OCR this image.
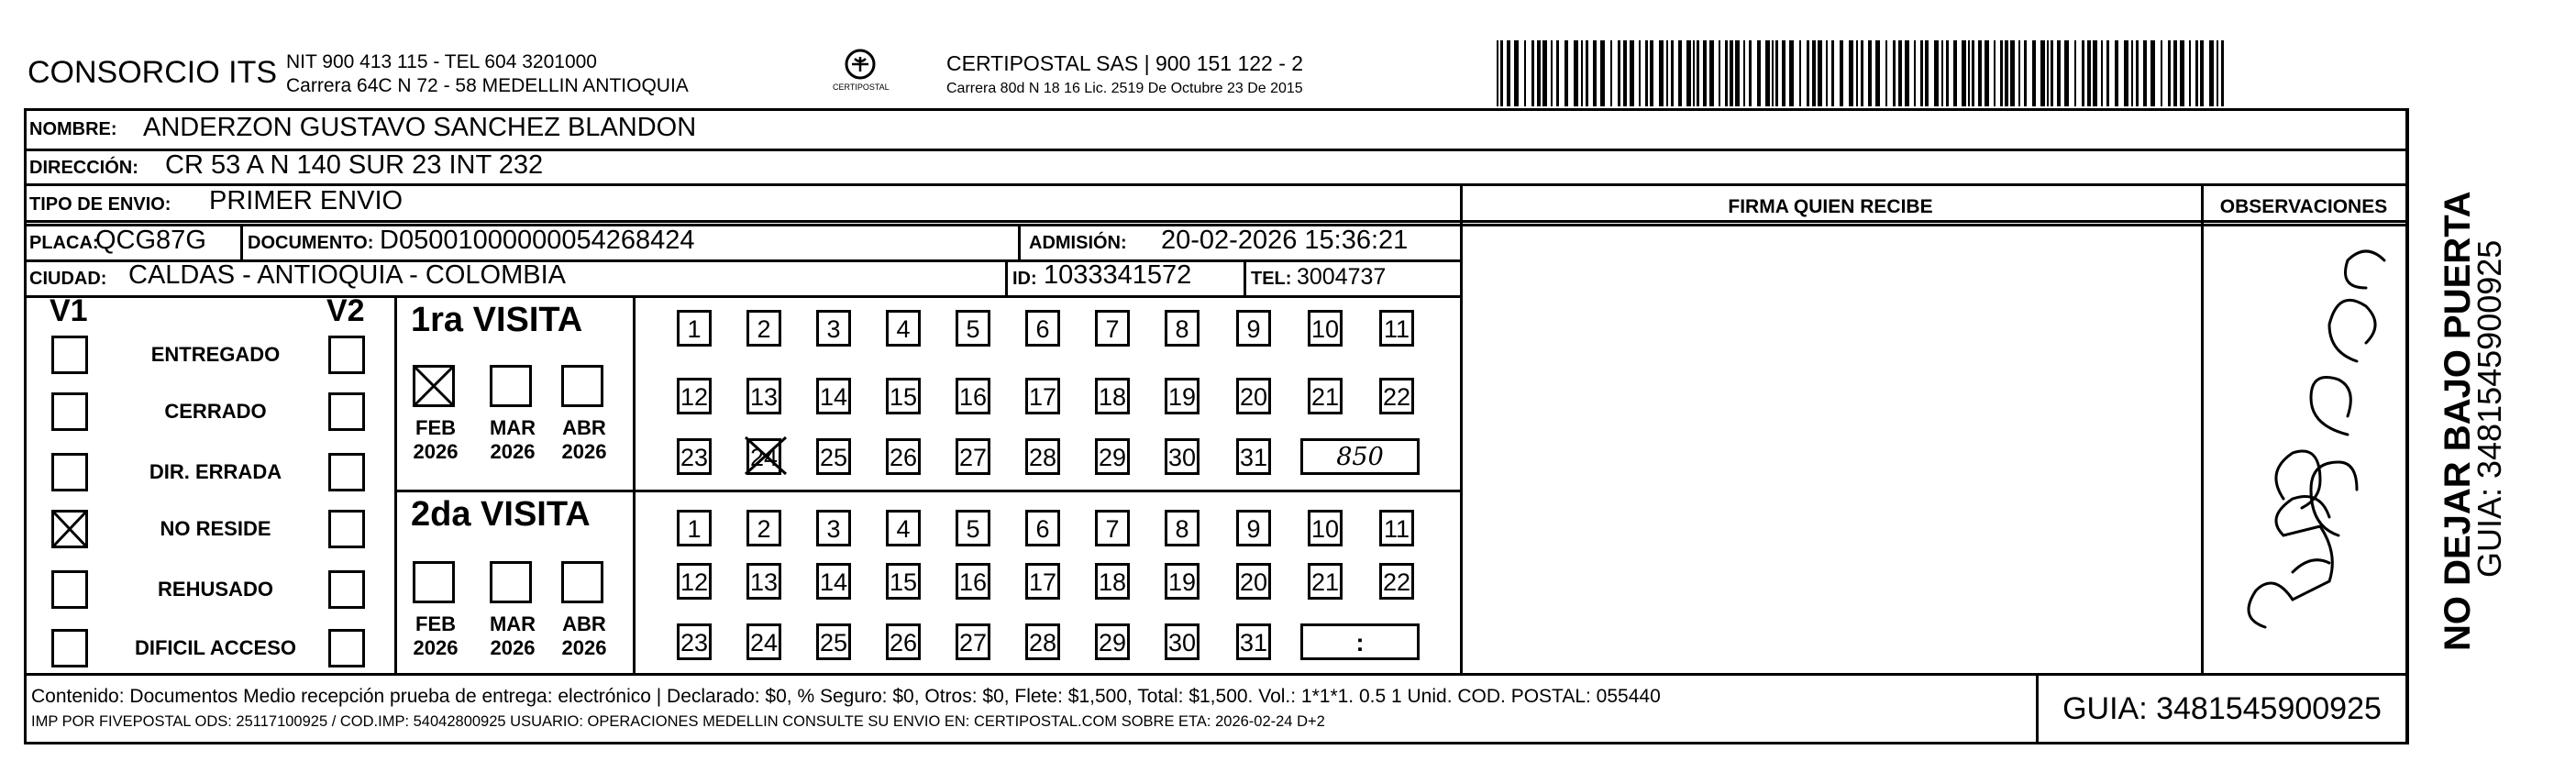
CONSORCIO ITS NIT 900 413 115 - TEL 604 3201000
Carrera 64C N 72 - 58 MEDELLIN ANTIOQUIA	CERTIPOSTAL
CERTIPOSTAL SAS | 900 151 122 - 2
Carrera 80d N 18 16 Lic. 2519 De Octubre 23 De 2015
NOMBRE: ANDERZON GUSTAVO SANCHEZ BLANDON
DIRECCIÓN: CR 53 A N 140 SUR 23 INT 232
TIPO DE ENVIO: PRIMER ENVIO	FIRMA QUIEN RECIBE	OBSERVACIONES
PLACA:
QCG87G DOCUMENTO: D05001000000054268424	ADMISIÓN: 20-02-2026 15:36:21
CIUDAD: CALDAS - ANTIOQUIA - COLOMBIA	ID: 1033341572	TEL: 3004737
V1	V2
ENTREGADO
CERRADO
DIR. ERRADA
NO RESIDE
REHUSADO
DIFICIL ACCESO
1ra VISITA
2da VISITA
FEB
2026
MAR
2026
ABR
2026
FEB
2026
MAR
2026
ABR
2026
1	2	3	4	5	6	7	8	9	10 11
12 13 14 15 16 17 18 19 20 21 22
23 24 25 26 27 28 29 30 31	850
1	2	3	4	5	6	7	8	9	10 11
12 13 14 15 16 17 18 19 20 21 22
23 24 25 26 27 28 29 30 31	:
Contenido: Documentos Medio recepción prueba de entrega: electrónico | Declarado: $0, % Seguro: $0, Otros: $0, Flete: $1,500, Total: $1,500. Vol.: 1*1*1. 0.5 1 Unid. COD. POSTAL: 055440
IMP POR FIVEPOSTAL ODS: 25117100925 / COD.IMP: 54042800925 USUARIO: OPERACIONES MEDELLIN CONSULTE SU ENVIO EN: CERTIPOSTAL.COM SOBRE ETA: 2026-02-24 D+2	GUIA: 3481545900925
NO DEJAR BAJO PUERTA
GUIA: 3481545900925
